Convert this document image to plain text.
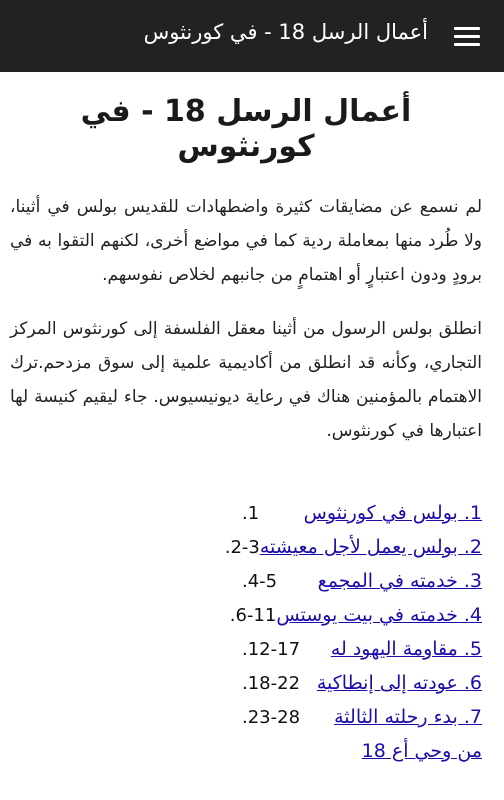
أعمال الرسل 18 - في كورنثوس
أعمال الرسل 18 - في كورنثوس

لم نسمع عن مضايقات كثيرة واضطهادات للقديس بولس في أثينا، ولا طُرد منها بمعاملة ردية كما في مواضع أخرى، لكنهم التقوا به في برودٍ ودون اعتبارٍ أو اهتمامٍ من جانبهم لخلاص نفوسهم.

انطلق بولس الرسول من أثينا معقل الفلسفة إلى كورنثوس المركز التجاري، وكأنه قد انطلق من أكاديمية علمية إلى سوق مزدحم.ترك الاهتمام بالمؤمنين هناك في رعاية ديونيسيوس. جاء ليقيم كنيسة لها اعتبارها في كورنثوس.

1. بولس في كورنثوس
1.
2. بولس يعمل لأجل معيشته
2-3.
3. خدمته في المجمع
4-5.
4. خدمته في بيت يوستس
6-11.
5. مقاومة اليهود له
12-17.
6. عودته إلى إنطاكية
18-22.
7. بدء رحلته الثالثة
23-28.
من وحي أع 18
